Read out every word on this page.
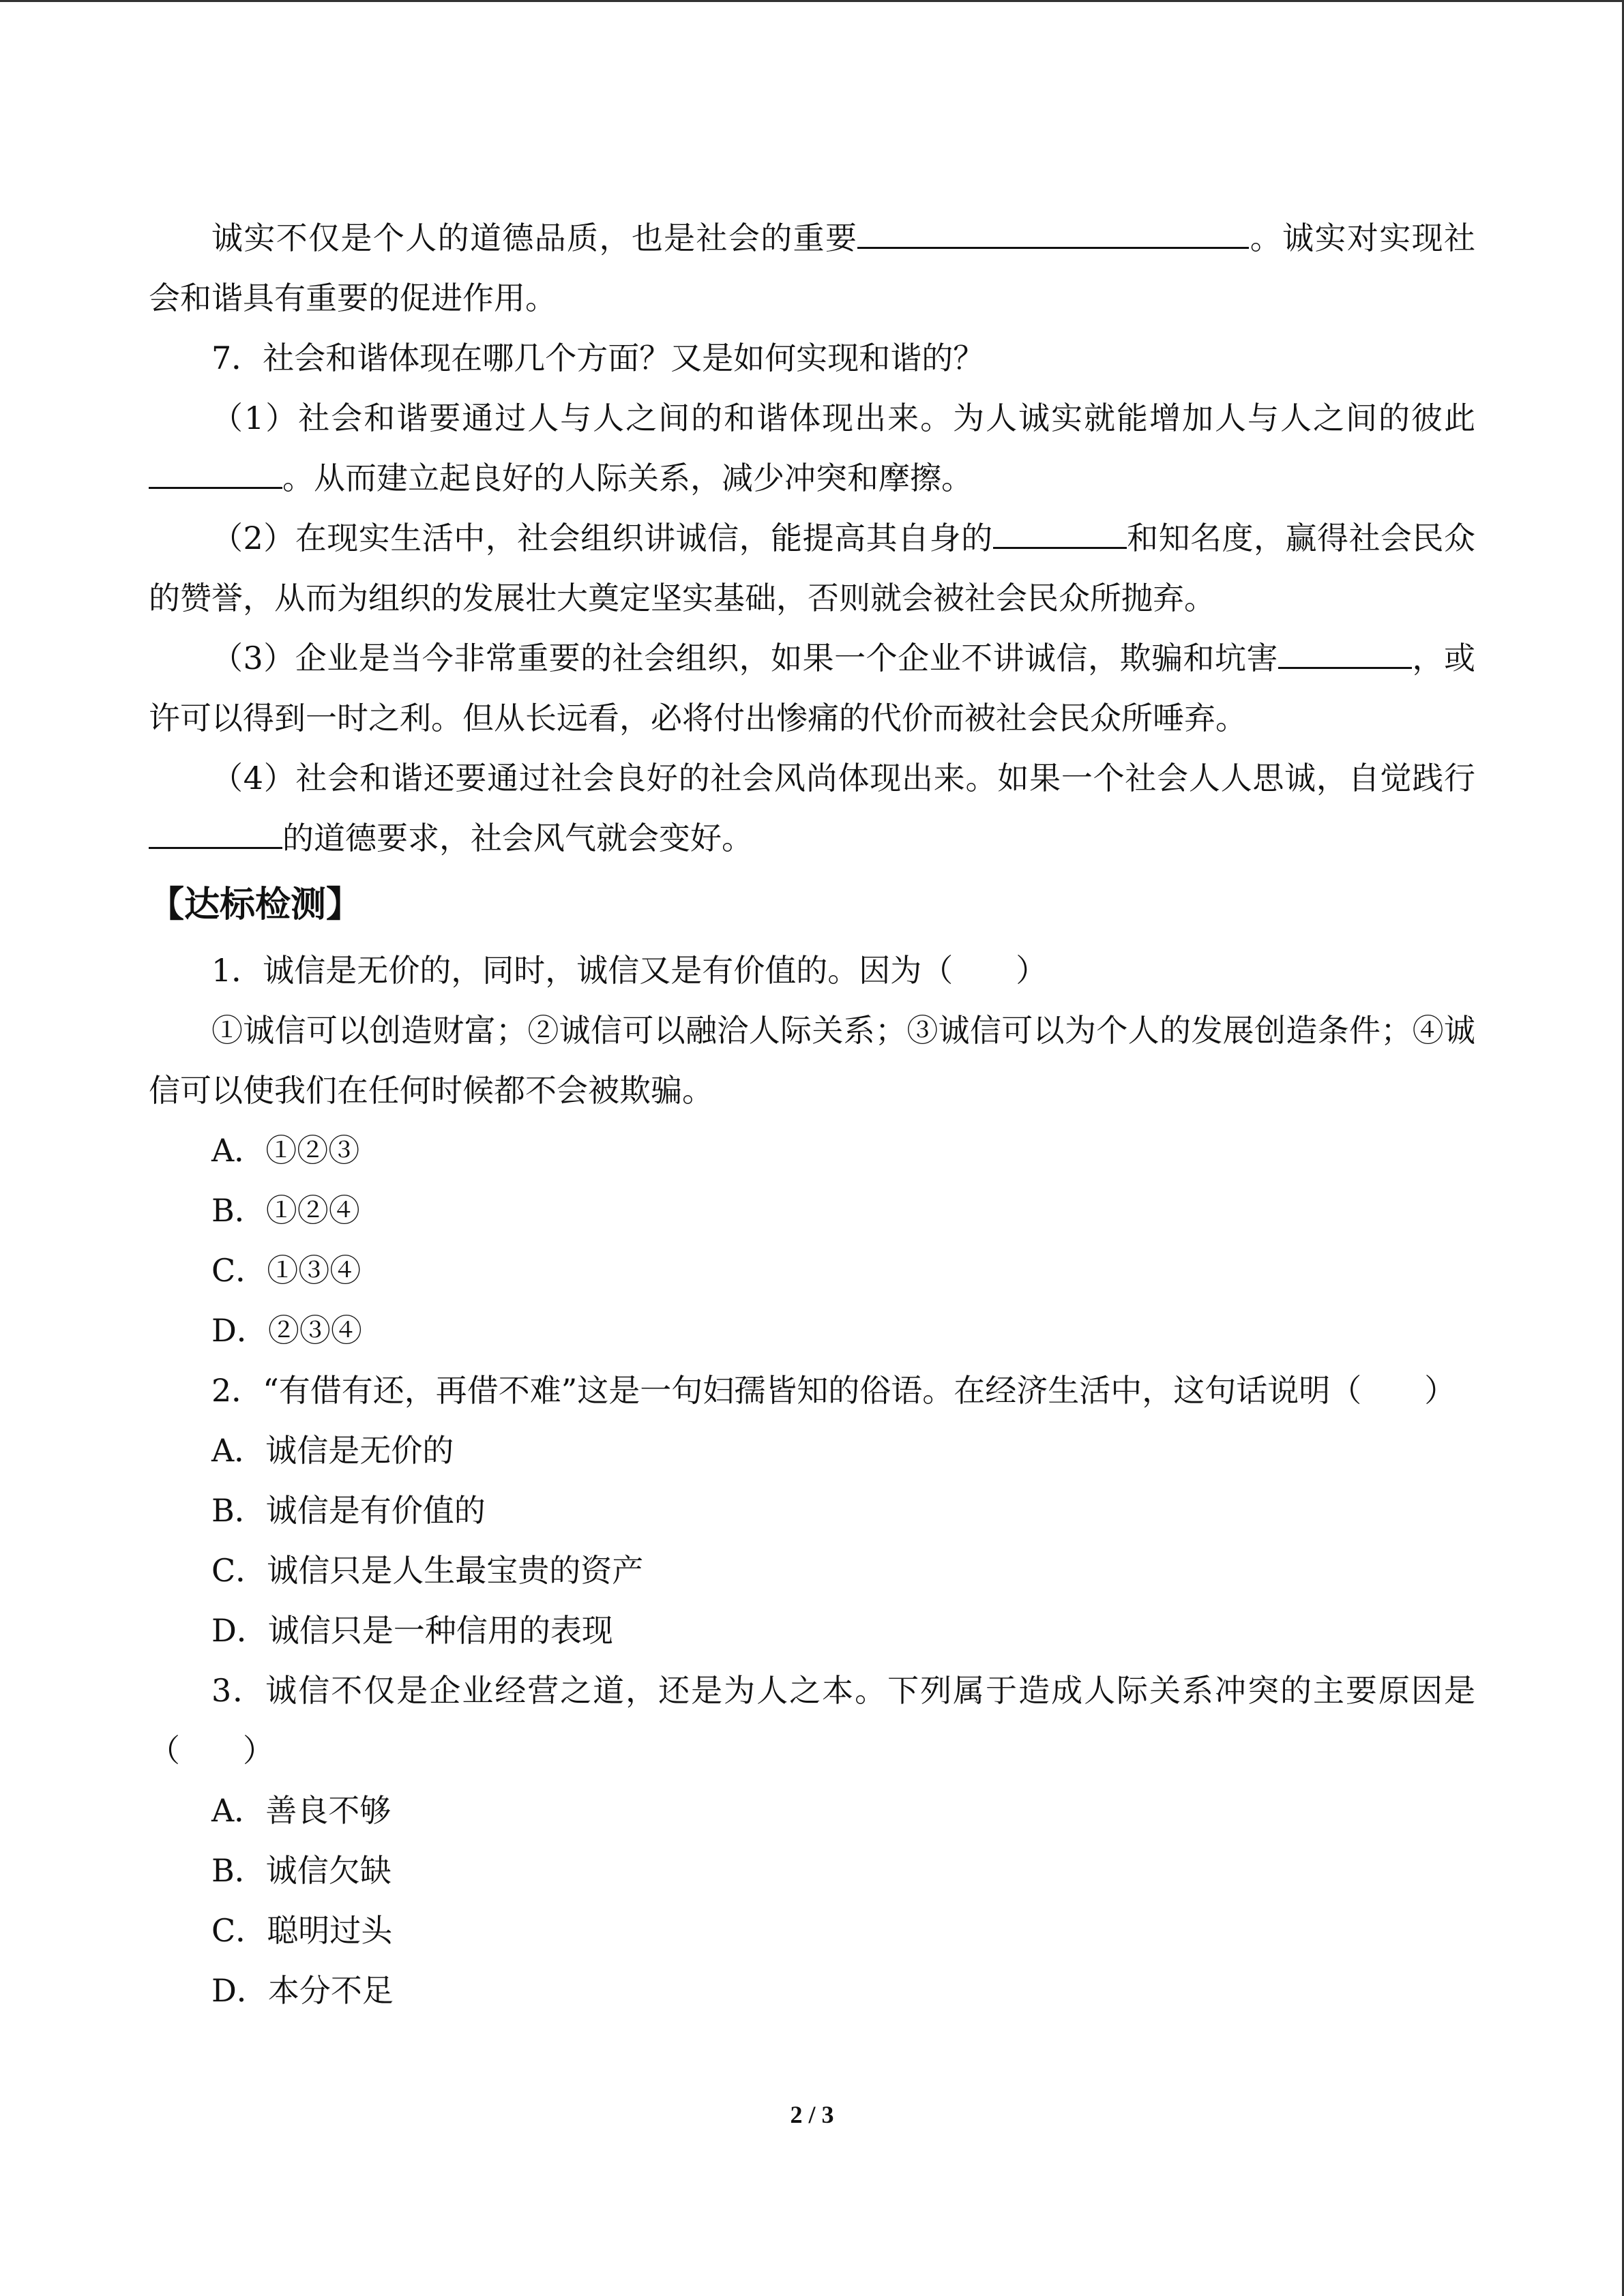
诚实不仅是个人的道德品质，也是社会的重要	。诚实对实现社会和谐具有重要的促进作用。

7．社会和谐体现在哪几个方面？又是如何实现和谐的？

（1）社会和谐要通过人与人之间的和谐体现出来。为人诚实就能增加人与人之间的彼此。从而建立起良好的人际关系，减少冲突和摩擦。

（2）在现实生活中，社会组织讲诚信，能提高其自身的	和知名度，赢得社会民众的赞誉，从而为组织的发展壮大奠定坚实基础，否则就会被社会民众所抛弃。

（3）企业是当今非常重要的社会组织，如果一个企业不讲诚信，欺骗和坑害	，或许可以得到一时之利。但从长远看，必将付出惨痛的代价而被社会民众所唾弃。

（4）社会和谐还要通过社会良好的社会风尚体现出来。如果一个社会人人思诚，自觉践行的道德要求，社会风气就会变好。

【达标检测】

1．诚信是无价的，同时，诚信又是有价值的。因为（　　）

①诚信可以创造财富；②诚信可以融洽人际关系；③诚信可以为个人的发展创造条件；④诚信可以使我们在任何时候都不会被欺骗。

A．①②③

B．①②④

C．①③④

D．②③④

2．“有借有还，再借不难”这是一句妇孺皆知的俗语。在经济生活中，这句话说明（　　）

A．诚信是无价的

B．诚信是有价值的

C．诚信只是人生最宝贵的资产

D．诚信只是一种信用的表现

3．诚信不仅是企业经营之道，还是为人之本。下列属于造成人际关系冲突的主要原因是（　　）

A．善良不够

B．诚信欠缺

C．聪明过头

D．本分不足

2 / 3
